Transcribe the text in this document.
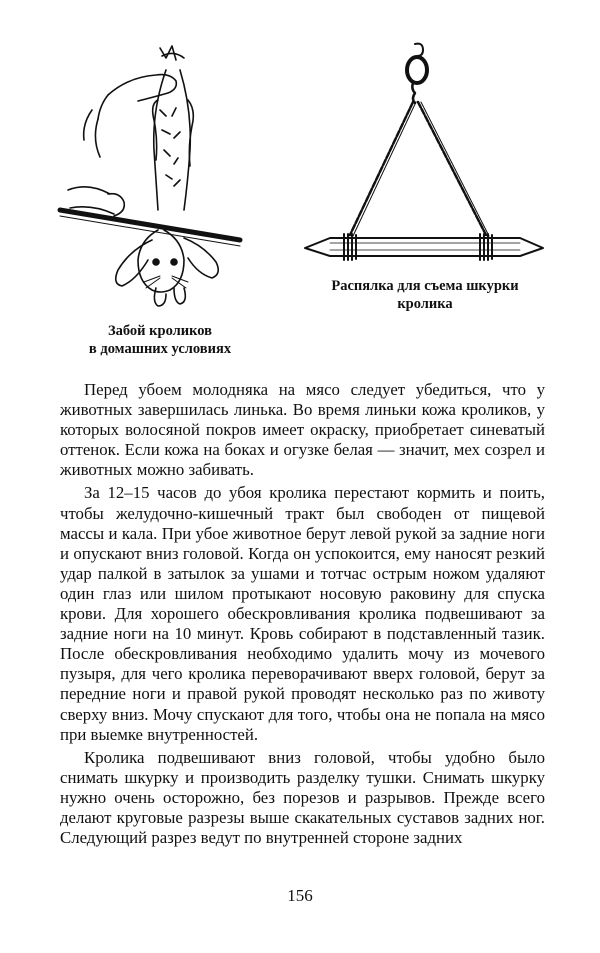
Распялка для съема шкурки
кролика
Забой кроликов
в домашних условиях

Перед убоем молодняка на мясо следует убедиться, что у животных завершилась линька. Во время линьки кожа кроликов, у которых волосяной покров имеет окраску, приобретает синеватый оттенок. Если кожа на боках и огузке белая — значит, мех созрел и животных можно забивать.

За 12–15 часов до убоя кролика перестают кормить и поить, чтобы желудочно-кишечный тракт был свободен от пищевой массы и кала. При убое животное берут левой рукой за задние ноги и опускают вниз головой. Когда он успокоится, ему наносят резкий удар палкой в затылок за ушами и тотчас острым ножом удаляют один глаз или шилом протыкают носовую раковину для спуска крови. Для хорошего обескровливания кролика подвешивают за задние ноги на 10 минут. Кровь собирают в подставленный тазик. После обескровливания необходимо удалить мочу из мочевого пузыря, для чего кролика переворачивают вверх головой, берут за передние ноги и правой рукой проводят несколько раз по животу сверху вниз. Мочу спускают для того, чтобы она не попала на мясо при выемке внутренностей.

Кролика подвешивают вниз головой, чтобы удобно было снимать шкурку и производить разделку тушки. Снимать шкурку нужно очень осторожно, без порезов и разрывов. Прежде всего делают круговые разрезы выше скакательных суставов задних ног. Следующий разрез ведут по внутренней стороне задних

156
